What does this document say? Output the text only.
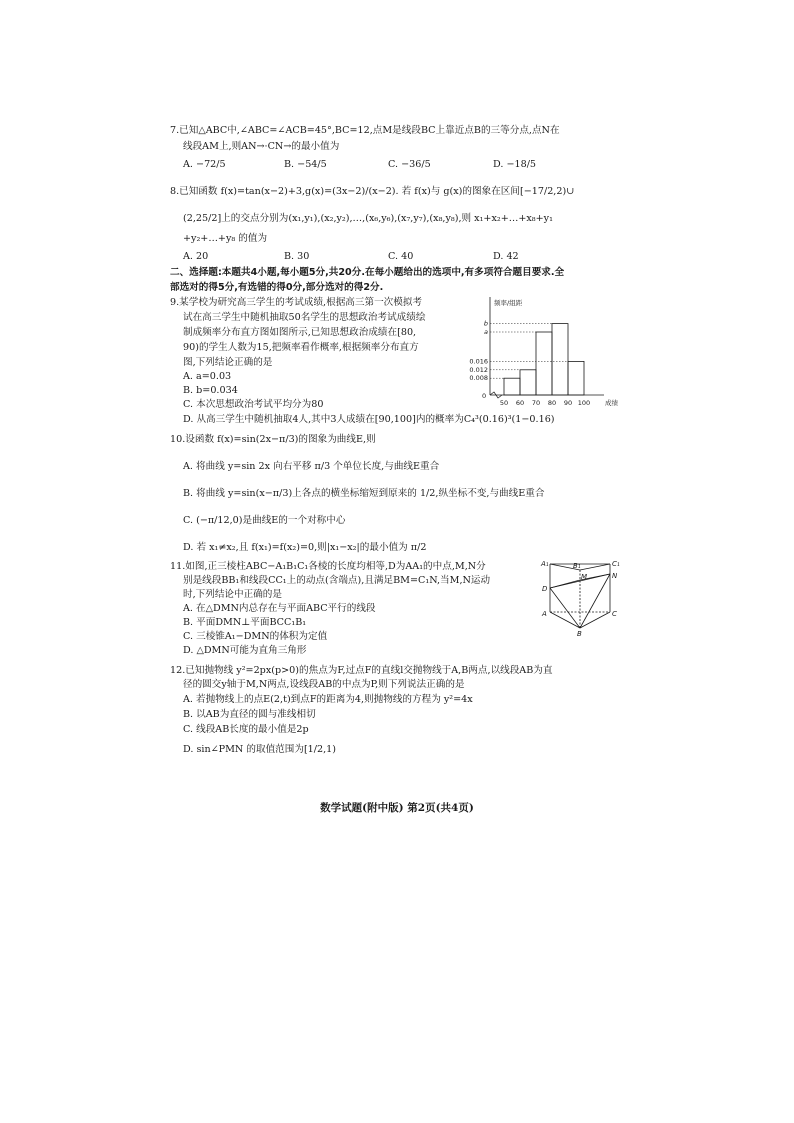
7.已知△ABC中,∠ABC=∠ACB=45°,BC=12,点M是线段BC上靠近点B的三等分点,点N在
线段AM上,则AN→·CN→的最小值为
A. −72/5	B. −54/5	C. −36/5	D. −18/5
8.已知函数 f(x)=tan(x−2)+3,g(x)=(3x−2)/(x−2). 若 f(x)与 g(x)的图象在区间[−17/2,2)∪
(2,25/2]上的交点分别为(x₁,y₁),(x₂,y₂),…,(x₆,y₆),(x₇,y₇),(x₈,y₈),则 x₁+x₂+…+x₈+y₁
+y₂+…+y₈ 的值为
A. 20	B. 30	C. 40	D. 42
二、选择题:本题共4小题,每小题5分,共20分.在每小题给出的选项中,有多项符合题目要求.全
部选对的得5分,有选错的得0分,部分选对的得2分.
9.某学校为研究高三学生的考试成绩,根据高三第一次模拟考
试在高三学生中随机抽取50名学生的思想政治考试成绩绘
制成频率分布直方图如图所示,已知思想政治成绩在[80,
90)的学生人数为15,把频率看作概率,根据频率分布直方
图,下列结论正确的是
A. a=0.03
B. b=0.034
C. 本次思想政治考试平均分为80
D. 从高三学生中随机抽取4人,其中3人成绩在[90,100]内的概率为C₄³(0.16)³(1−0.16)
频率/组距
成绩
0
0.008
0.012
0.016
a
b
50 60 70 80 90 100
10.设函数 f(x)=sin(2x−π/3)的图象为曲线E,则
A. 将曲线 y=sin 2x 向右平移 π/3 个单位长度,与曲线E重合
B. 将曲线 y=sin(x−π/3)上各点的横坐标缩短到原来的 1/2,纵坐标不变,与曲线E重合
C. (−π/12,0)是曲线E的一个对称中心
D. 若 x₁≠x₂,且 f(x₁)=f(x₂)=0,则|x₁−x₂|的最小值为 π/2
11.如图,正三棱柱ABC−A₁B₁C₁各棱的长度均相等,D为AA₁的中点,M,N分
别是线段BB₁和线段CC₁上的动点(含端点),且满足BM=C₁N,当M,N运动
时,下列结论中正确的是
A. 在△DMN内总存在与平面ABC平行的线段
B. 平面DMN⊥平面BCC₁B₁
C. 三棱锥A₁−DMN的体积为定值
D. △DMN可能为直角三角形
A₁	C₁
B₁
M	N
D
A
B
C
12.已知抛物线 y²=2px(p>0)的焦点为F,过点F的直线l交抛物线于A,B两点,以线段AB为直
径的圆交y轴于M,N两点,设线段AB的中点为P,则下列说法正确的是
A. 若抛物线上的点E(2,t)到点F的距离为4,则抛物线的方程为 y²=4x
B. 以AB为直径的圆与准线相切
C. 线段AB长度的最小值是2p
D. sin∠PMN 的取值范围为[1/2,1)
数学试题(附中版) 第2页(共4页)
